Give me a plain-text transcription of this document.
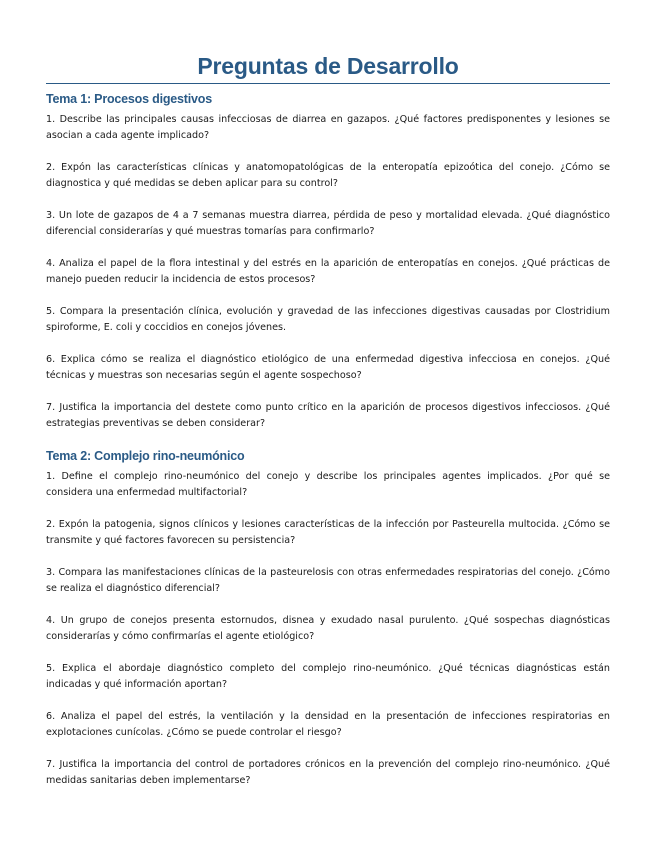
Preguntas de Desarrollo
Tema 1: Procesos digestivos
1. Describe las principales causas infecciosas de diarrea en gazapos. ¿Qué factores predisponentes y lesiones se asocian a cada agente implicado?
2. Expón las características clínicas y anatomopatológicas de la enteropatía epizoótica del conejo. ¿Cómo se diagnostica y qué medidas se deben aplicar para su control?
3. Un lote de gazapos de 4 a 7 semanas muestra diarrea, pérdida de peso y mortalidad elevada. ¿Qué diagnóstico diferencial considerarías y qué muestras tomarías para confirmarlo?
4. Analiza el papel de la flora intestinal y del estrés en la aparición de enteropatías en conejos. ¿Qué prácticas de manejo pueden reducir la incidencia de estos procesos?
5. Compara la presentación clínica, evolución y gravedad de las infecciones digestivas causadas por Clostridium spiroforme, E. coli y coccidios en conejos jóvenes.
6. Explica cómo se realiza el diagnóstico etiológico de una enfermedad digestiva infecciosa en conejos. ¿Qué técnicas y muestras son necesarias según el agente sospechoso?
7. Justifica la importancia del destete como punto crítico en la aparición de procesos digestivos infecciosos. ¿Qué estrategias preventivas se deben considerar?
Tema 2: Complejo rino-neumónico
1. Define el complejo rino-neumónico del conejo y describe los principales agentes implicados. ¿Por qué se considera una enfermedad multifactorial?
2. Expón la patogenia, signos clínicos y lesiones características de la infección por Pasteurella multocida. ¿Cómo se transmite y qué factores favorecen su persistencia?
3. Compara las manifestaciones clínicas de la pasteurelosis con otras enfermedades respiratorias del conejo. ¿Cómo se realiza el diagnóstico diferencial?
4. Un grupo de conejos presenta estornudos, disnea y exudado nasal purulento. ¿Qué sospechas diagnósticas considerarías y cómo confirmarías el agente etiológico?
5. Explica el abordaje diagnóstico completo del complejo rino-neumónico. ¿Qué técnicas diagnósticas están indicadas y qué información aportan?
6. Analiza el papel del estrés, la ventilación y la densidad en la presentación de infecciones respiratorias en explotaciones cunícolas. ¿Cómo se puede controlar el riesgo?
7. Justifica la importancia del control de portadores crónicos en la prevención del complejo rino-neumónico. ¿Qué medidas sanitarias deben implementarse?
